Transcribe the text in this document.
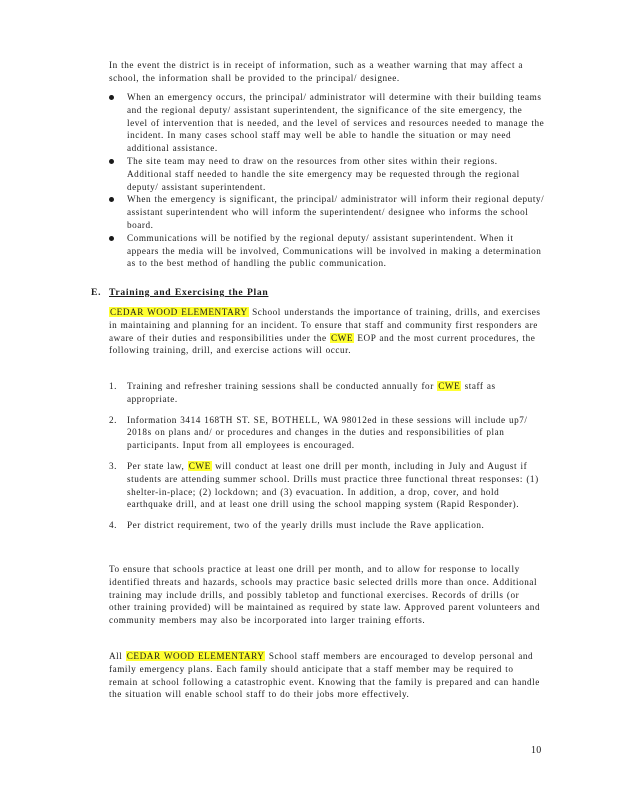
In the event the district is in receipt of information, such as a weather warning that may affect a school, the information shall be provided to the principal/ designee.

When an emergency occurs, the principal/ administrator will determine with their building teams and the regional deputy/ assistant superintendent, the significance of the site emergency, the level of intervention that is needed, and the level of services and resources needed to manage the incident. In many cases school staff may well be able to handle the situation or may need additional assistance.
The site team may need to draw on the resources from other sites within their regions. Additional staff needed to handle the site emergency may be requested through the regional deputy/ assistant superintendent.
When the emergency is significant, the principal/ administrator will inform their regional deputy/ assistant superintendent who will inform the superintendent/ designee who informs the school board.
Communications will be notified by the regional deputy/ assistant superintendent. When it appears the media will be involved, Communications will be involved in making a determination as to the best method of handling the public communication.
E. Training and Exercising the Plan

CEDAR WOOD ELEMENTARY School understands the importance of training, drills, and exercises in maintaining and planning for an incident. To ensure that staff and community first responders are aware of their duties and responsibilities under the CWE EOP and the most current procedures, the following training, drill, and exercise actions will occur.

1. Training and refresher training sessions shall be conducted annually for CWE staff as appropriate.
2. Information 3414 168TH ST. SE, BOTHELL, WA 98012ed in these sessions will include up7/ 2018s on plans and/ or procedures and changes in the duties and responsibilities of plan participants. Input from all employees is encouraged.
3. Per state law, CWE will conduct at least one drill per month, including in July and August if students are attending summer school. Drills must practice three functional threat responses: (1) shelter-in-place; (2) lockdown; and (3) evacuation. In addition, a drop, cover, and hold earthquake drill, and at least one drill using the school mapping system (Rapid Responder).
4. Per district requirement, two of the yearly drills must include the Rave application.

To ensure that schools practice at least one drill per month, and to allow for response to locally identified threats and hazards, schools may practice basic selected drills more than once. Additional training may include drills, and possibly tabletop and functional exercises. Records of drills (or other training provided) will be maintained as required by state law. Approved parent volunteers and community members may also be incorporated into larger training efforts.

All CEDAR WOOD ELEMENTARY School staff members are encouraged to develop personal and family emergency plans. Each family should anticipate that a staff member may be required to remain at school following a catastrophic event. Knowing that the family is prepared and can handle the situation will enable school staff to do their jobs more effectively.

10
